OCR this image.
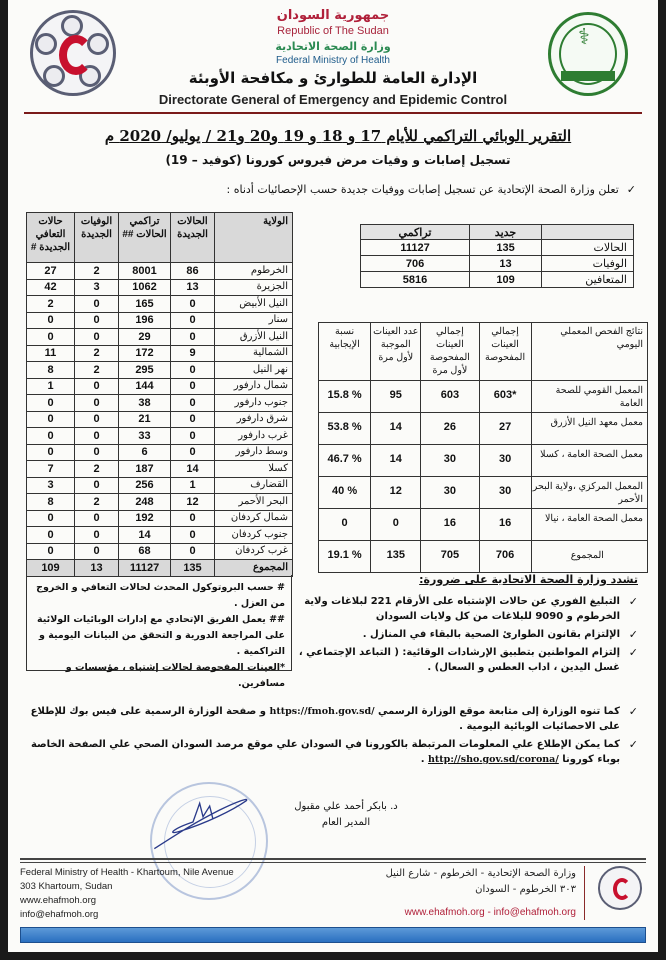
جمهورية السودان
Republic of The Sudan
وزارة الصحة الاتحادية
Federal Ministry of Health
الإدارة العامة للطوارئ و مكافحة الأوبئة
Directorate General of Emergency and Epidemic Control
⚕
التقرير الوبائي التراكمي للأيام 17 و 18 و 19 و20 و21 / يوليو/ 2020 م
تسجيل إصابات و وفيات مرض فيروس كورونا (كوفيد – 19)
✓تعلن وزارة الصحة الإتحادية عن تسجيل إصابات ووفيات جديدة حسب الإحصائيات أدناه :
الولاية	الحالات الجديدة	تراكمي الحالات ##	الوفيات الجديدة	حالات التعافي الجديدة #
الخرطوم	86	8001	2	27
الجزيرة	13	1062	3	42
النيل الأبيض	0	165	0	2
سنار	0	196	0	0
النيل الأزرق	0	29	0	0
الشمالية	9	172	2	11
نهر النيل	0	295	2	8
شمال دارفور	0	144	0	1
جنوب دارفور	0	38	0	0
شرق دارفور	0	21	0	0
غرب دارفور	0	33	0	0
وسط دارفور	0	6	0	0
كسلا	14	187	2	7
القضارف	1	256	0	3
البحر الأحمر	12	248	2	8
شمال كردفان	0	192	0	0
جنوب كردفان	0	14	0	0
غرب كردفان	0	68	0	0
المجموع	135	11127	13	109
# حسب البروتوكول المحدث لحالات التعافي و الخروج من العزل .
## يعمل الفريق الإتحادي مع إدارات الوبائيات الولائية على المراجعة الدورية و التحقق من البيانات اليومية و التراكمية .
*العينات المفحوصة لحالات إشتباه ، مؤسسات و مسافرين.
	جديد	تراكمي
الحالات	135	11127
الوفيات	13	706
المتعافين	109	5816
نتائج الفحص المعملي اليومي	إجمالي العينات المفحوصة	إجمالي العينات المفحوصة لأول مرة	عدد العينات الموجبة لأول مرة	نسبة الإيجابية
المعمل القومي للصحة العامة	*603	603	95	% 15.8
معمل معهد النيل الأزرق	27	26	14	% 53.8
معمل الصحة العامة ، كسلا	30	30	14	% 46.7
المعمل المركزي ،ولاية البحر الأحمر	30	30	12	% 40
معمل الصحة العامة ، نيالا	16	16	0	0
المجموع	706	705	135	% 19.1
تشدد وزارة الصحة الاتحادية على ضرورة:
✓
التبليغ الفوري عن حالات الإشتباه على الأرقام 221 لبلاغات ولاية الخرطوم و 9090 للبلاغات من كل ولايات السودان
✓
الإلتزام بقانون الطوارئ الصحية بالبقاء في المنازل .
✓
إلتزام المواطنين بتطبيق الإرشادات الوقائية: ( التباعد الإجتماعي ، غسل اليدين ، اداب العطس و السعال) .
✓
كما تنوه الوزارة إلى متابعة موقع الوزارة الرسمي https://fmoh.gov.sd/ و صفحة الوزارة الرسمية على فيس بوك للإطلاع على الاحصائيات الوبائية اليومية .
✓
كما يمكن الإطلاع علي المعلومات المرتبطة بالكورونا في السودان علي موقع مرصد السودان الصحي علي الصفحة الخاصة بوباء كورونا http://sho.gov.sd/corona/ .
د. بابكر أحمد علي مقبول
المدير العام
Federal Ministry of Health - Khartoum, Nile Avenue
303 Khartoum, Sudan
www.ehafmoh.org
info@ehafmoh.org
وزارة الصحة الإتحادية - الخرطوم - شارع النيل
٣٠٣ الخرطوم - السودان
www.ehafmoh.org - info@ehafmoh.org
